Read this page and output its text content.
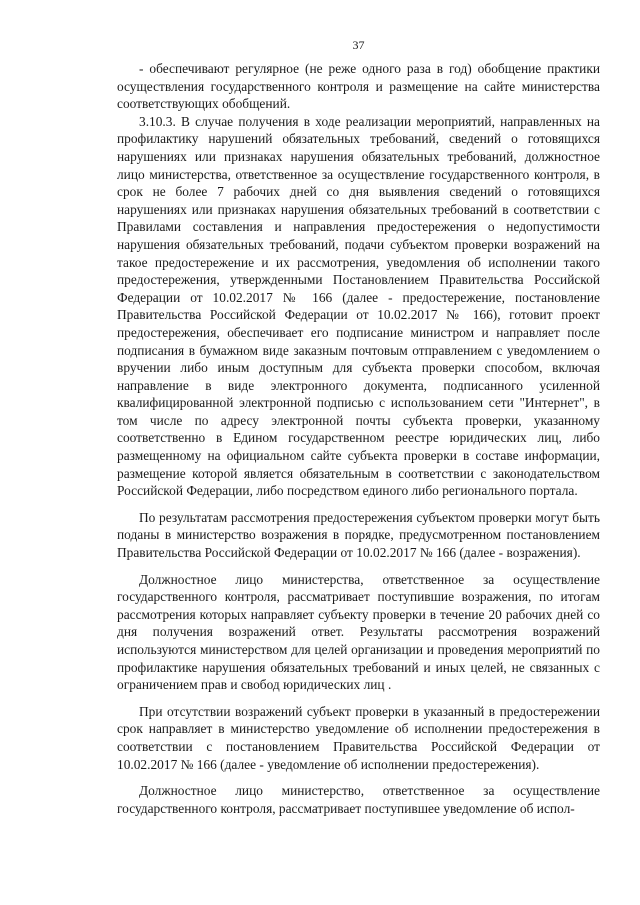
37

- обеспечивают регулярное (не реже одного раза в год) обобщение практики осуществления государственного контроля и размещение на сайте министерства соответствующих обобщений.

3.10.3. В случае получения в ходе реализации мероприятий, направленных на профилактику нарушений обязательных требований, сведений о готовящихся нарушениях или признаках нарушения обязательных требований, должностное лицо министерства, ответственное за осуществление государственного контроля, в срок не более 7 рабочих дней со дня выявления сведений о готовящихся нарушениях или признаках нарушения обязательных требований в соответствии с Правилами составления и направления предостережения о недопустимости нарушения обязательных требований, подачи субъектом проверки возражений на такое предостережение и их рассмотрения, уведомления об исполнении такого предостережения, утвержденными Постановлением Правительства Российской Федерации от 10.02.2017 № 166 (далее - предостережение, постановление Правительства Российской Федерации от 10.02.2017 № 166), готовит проект предостережения, обеспечивает его подписание министром и направляет после подписания в бумажном виде заказным почтовым отправлением с уведомлением о вручении либо иным доступным для субъекта проверки способом, включая направление в виде электронного документа, подписанного усиленной квалифицированной электронной подписью с использованием сети "Интернет", в том числе по адресу электронной почты субъекта проверки, указанному соответственно в Едином государственном реестре юридических лиц, либо размещенному на официальном сайте субъекта проверки в составе информации, размещение которой является обязательным в соответствии с законодательством Российской Федерации, либо посредством единого либо регионального портала.

По результатам рассмотрения предостережения субъектом проверки могут быть поданы в министерство возражения в порядке, предусмотренном постановлением Правительства Российской Федерации от 10.02.2017 № 166 (далее - возражения).

Должностное лицо министерства, ответственное за осуществление государственного контроля, рассматривает поступившие возражения, по итогам рассмотрения которых направляет субъекту проверки в течение 20 рабочих дней со дня получения возражений ответ. Результаты рассмотрения возражений используются министерством для целей организации и проведения мероприятий по профилактике нарушения обязательных требований и иных целей, не связанных с ограничением прав и свобод юридических лиц .

При отсутствии возражений субъект проверки в указанный в предостережении срок направляет в министерство уведомление об исполнении предостережения в соответствии с постановлением Правительства Российской Федерации от 10.02.2017 № 166 (далее - уведомление об исполнении предостережения).

Должностное лицо министерство, ответственное за осуществление государственного контроля, рассматривает поступившее уведомление об испол-
